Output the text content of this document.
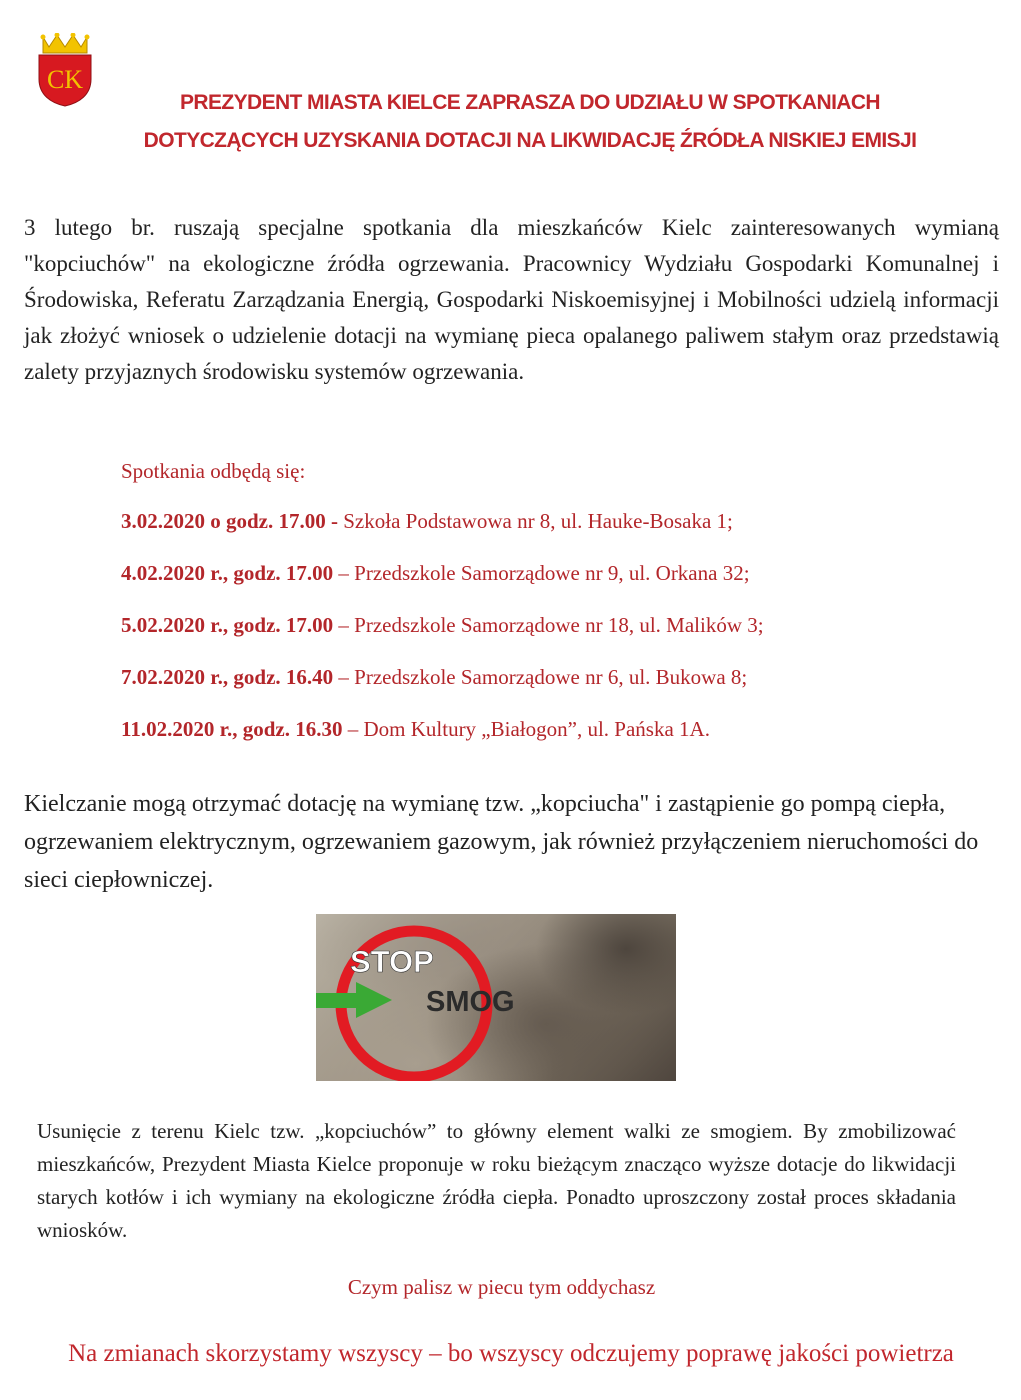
CK
PREZYDENT MIASTA KIELCE ZAPRASZA DO UDZIAŁU W SPOTKANIACH
DOTYCZĄCYCH UZYSKANIA DOTACJI NA LIKWIDACJĘ ŹRÓDŁA NISKIEJ EMISJI

3 lutego br. ruszają specjalne spotkania dla mieszkańców Kielc zainteresowanych wymianą "kopciuchów" na ekologiczne źródła ogrzewania. Pracownicy Wydziału Gospodarki Komunalnej i Środowiska, Referatu Zarządzania Energią, Gospodarki Niskoemisyjnej i Mobilności udzielą informacji jak złożyć wniosek o udzielenie dotacji na wymianę pieca opalanego paliwem stałym oraz przedstawią zalety przyjaznych środowisku systemów ogrzewania.

Spotkania odbędą się:

3.02.2020 o godz. 17.00 - Szkoła Podstawowa nr 8, ul. Hauke-Bosaka 1;
4.02.2020 r., godz. 17.00 – Przedszkole Samorządowe nr 9, ul. Orkana 32;
5.02.2020 r., godz. 17.00 – Przedszkole Samorządowe nr 18, ul. Malików 3;
7.02.2020 r., godz. 16.40 – Przedszkole Samorządowe nr 6, ul. Bukowa 8;
11.02.2020 r., godz. 16.30 – Dom Kultury „Białogon”, ul. Pańska 1A.

Kielczanie mogą otrzymać dotację na wymianę tzw. „kopciucha" i zastąpienie go pompą ciepła, ogrzewaniem elektrycznym, ogrzewaniem gazowym, jak również przyłączeniem nieruchomości do sieci ciepłowniczej.

STOP
SMOG

Usunięcie z terenu Kielc tzw. „kopciuchów” to główny element walki ze smogiem. By zmobilizować mieszkańców, Prezydent Miasta Kielce proponuje w roku bieżącym znacząco wyższe dotacje do likwidacji starych kotłów i ich wymiany na ekologiczne źródła ciepła. Ponadto uproszczony został proces składania wniosków.

Czym palisz w piecu tym oddychasz

Na zmianach skorzystamy wszyscy – bo wszyscy odczujemy poprawę jakości powietrza
